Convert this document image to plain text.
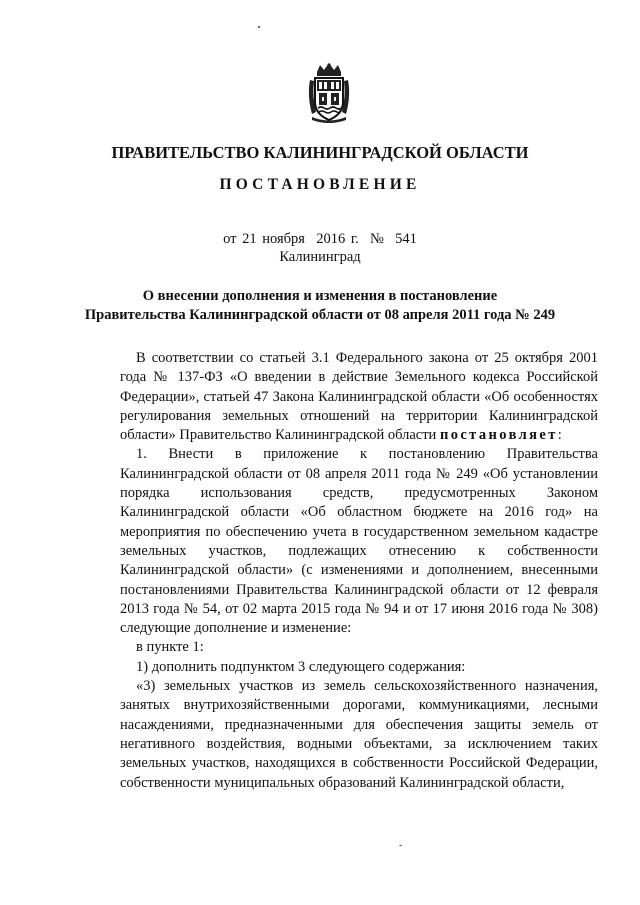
ПРАВИТЕЛЬСТВО КАЛИНИНГРАДСКОЙ ОБЛАСТИ
ПОСТАНОВЛЕНИЕ
от 21 ноября 2016 г. № 541
Калининград
О внесении дополнения и изменения в постановление
Правительства Калининградской области от 08 апреля 2011 года № 249

В соответствии со статьей 3.1 Федерального закона от 25 октября 2001 года № 137-ФЗ «О введении в действие Земельного кодекса Российской Федерации», статьей 47 Закона Калининградской области «Об особенностях регулирования земельных отношений на территории Калининградской области» Правительство Калининградской области постановляет:

1. Внести в приложение к постановлению Правительства Калининградской области от 08 апреля 2011 года № 249 «Об установлении порядка использования средств, предусмотренных Законом Калининградской области «Об областном бюджете на 2016 год» на мероприятия по обеспечению учета в государственном земельном кадастре земельных участков, подлежащих отнесению к собственности Калининградской области» (с изменениями и дополнением, внесенными постановлениями Правительства Калининградской области от 12 февраля 2013 года № 54, от 02 марта 2015 года № 94 и от 17 июня 2016 года № 308) следующие дополнение и изменение:

в пункте 1:

1) дополнить подпунктом 3 следующего содержания:

«3) земельных участков из земель сельскохозяйственного назначения, занятых внутрихозяйственными дорогами, коммуникациями, лесными насаждениями, предназначенными для обеспечения защиты земель от негативного воздействия, водными объектами, за исключением таких земельных участков, находящихся в собственности Российской Федерации, собственности муниципальных образований Калининградской области,

-
